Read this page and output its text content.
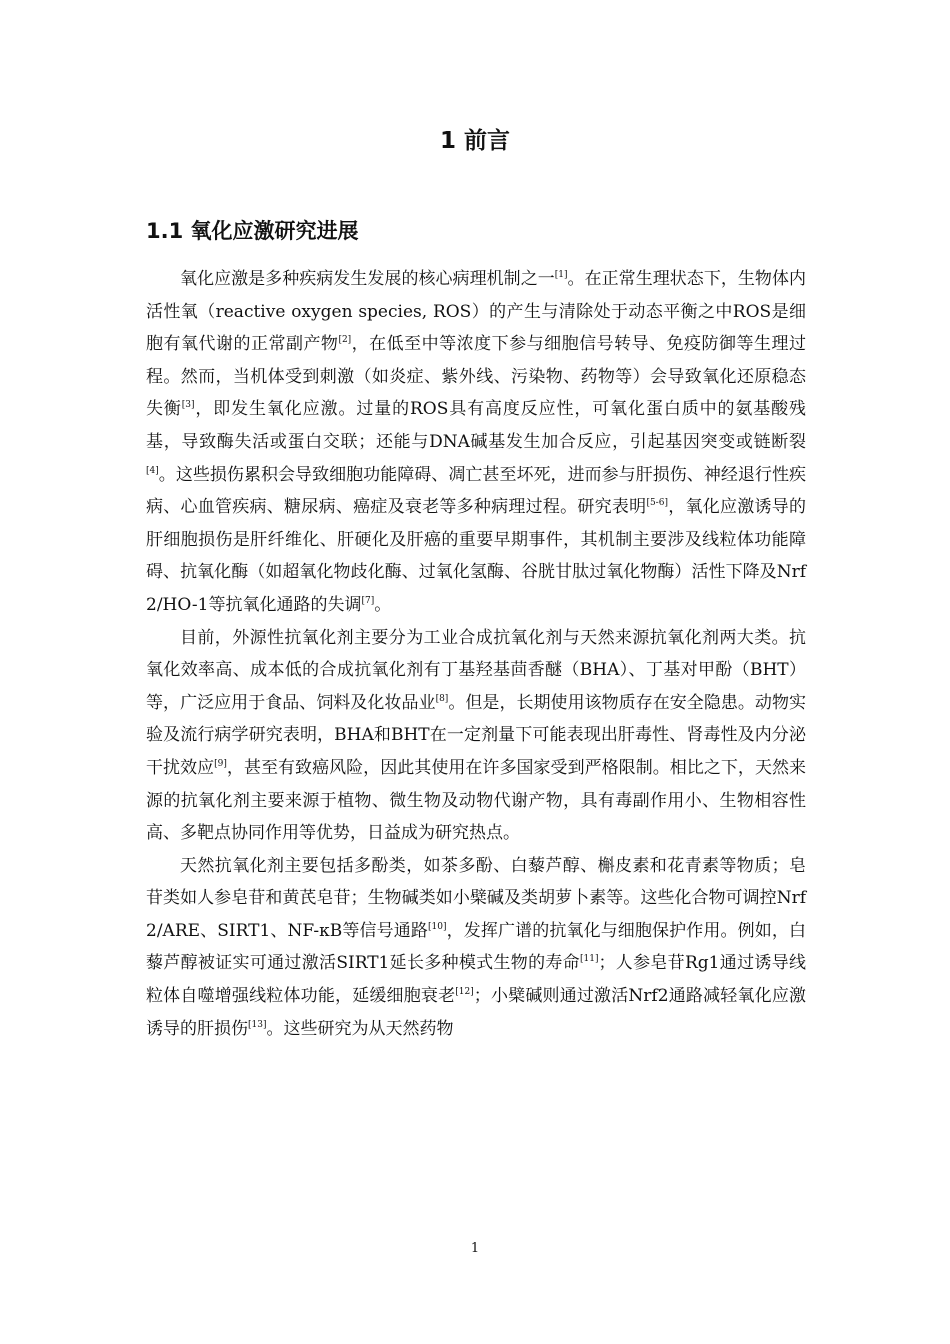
1 前言
1.1 氧化应激研究进展

氧化应激是多种疾病发生发展的核心病理机制之一[1]。在正常生理状态下，生物体内活性氧（reactive oxygen species, ROS）的产生与清除处于动态平衡之中ROS是细胞有氧代谢的正常副产物[2]，在低至中等浓度下参与细胞信号转导、免疫防御等生理过程。然而，当机体受到刺激（如炎症、紫外线、污染物、药物等）会导致氧化还原稳态失衡[3]，即发生氧化应激。过量的ROS具有高度反应性，可氧化蛋白质中的氨基酸残基，导致酶失活或蛋白交联；还能与DNA碱基发生加合反应，引起基因突变或链断裂[4]。这些损伤累积会导致细胞功能障碍、凋亡甚至坏死，进而参与肝损伤、神经退行性疾病、心血管疾病、糖尿病、癌症及衰老等多种病理过程。研究表明[5-6]，氧化应激诱导的肝细胞损伤是肝纤维化、肝硬化及肝癌的重要早期事件，其机制主要涉及线粒体功能障碍、抗氧化酶（如超氧化物歧化酶、过氧化氢酶、谷胱甘肽过氧化物酶）活性下降及Nrf2/HO-1等抗氧化通路的失调[7]。

目前，外源性抗氧化剂主要分为工业合成抗氧化剂与天然来源抗氧化剂两大类。抗氧化效率高、成本低的合成抗氧化剂有丁基羟基茴香醚（BHA）、丁基对甲酚（BHT）等，广泛应用于食品、饲料及化妆品业[8]。但是，长期使用该物质存在安全隐患。动物实验及流行病学研究表明，BHA和BHT在一定剂量下可能表现出肝毒性、肾毒性及内分泌干扰效应[9]，甚至有致癌风险，因此其使用在许多国家受到严格限制。相比之下，天然来源的抗氧化剂主要来源于植物、微生物及动物代谢产物，具有毒副作用小、生物相容性高、多靶点协同作用等优势，日益成为研究热点。

天然抗氧化剂主要包括多酚类，如茶多酚、白藜芦醇、槲皮素和花青素等物质；皂苷类如人参皂苷和黄芪皂苷；生物碱类如小檗碱及类胡萝卜素等。这些化合物可调控Nrf2/ARE、SIRT1、NF-κB等信号通路[10]，发挥广谱的抗氧化与细胞保护作用。例如，白藜芦醇被证实可通过激活SIRT1延长多种模式生物的寿命[11]；人参皂苷Rg1通过诱导线粒体自噬增强线粒体功能，延缓细胞衰老[12]；小檗碱则通过激活Nrf2通路减轻氧化应激诱导的肝损伤[13]。这些研究为从天然药物

1
